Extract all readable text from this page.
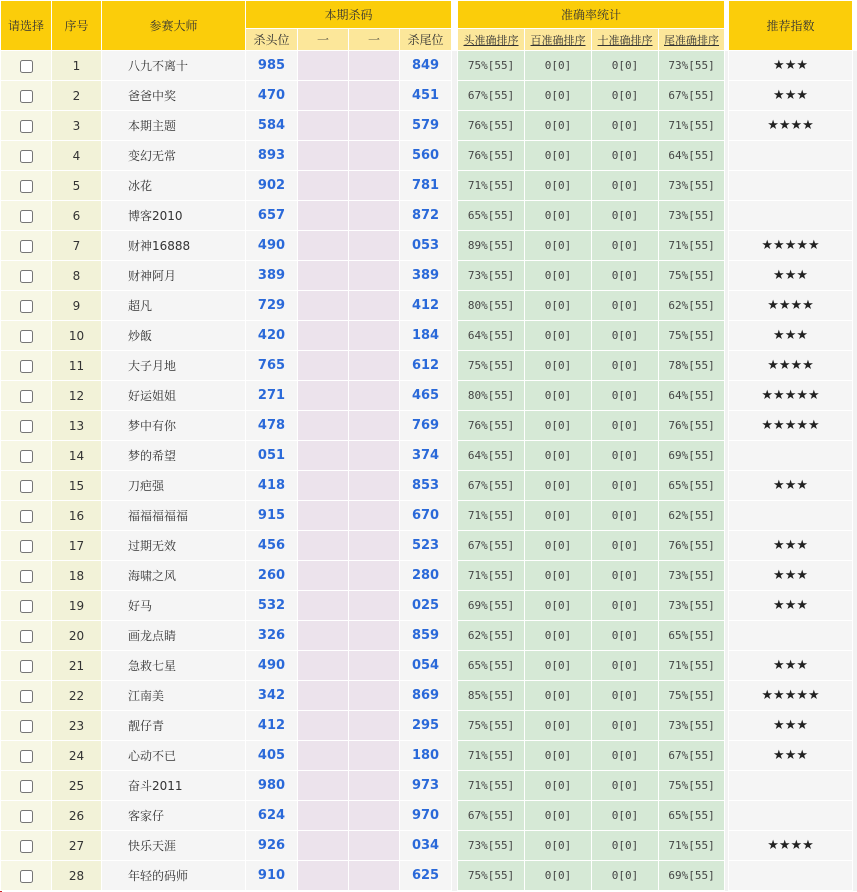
请选择	序号	参赛大师	本期杀码					准确率统计					推荐指数	
			杀头位	一	一	杀尾位		头准确排序	百准确排序	十准确排序	尾准确排序			
	1	八九不离十	985			849		75%[55]	0[0]	0[0]	73%[55]		★★★	
	2	爸爸中奖	470			451		67%[55]	0[0]	0[0]	67%[55]		★★★	
	3	本期主题	584			579		76%[55]	0[0]	0[0]	71%[55]		★★★★	
	4	变幻无常	893			560		76%[55]	0[0]	0[0]	64%[55]			
	5	冰花	902			781		71%[55]	0[0]	0[0]	73%[55]			
	6	博客2010	657			872		65%[55]	0[0]	0[0]	73%[55]			
	7	财神16888	490			053		89%[55]	0[0]	0[0]	71%[55]		★★★★★	
	8	财神阿月	389			389		73%[55]	0[0]	0[0]	75%[55]		★★★	
	9	超凡	729			412		80%[55]	0[0]	0[0]	62%[55]		★★★★	
	10	炒飯	420			184		64%[55]	0[0]	0[0]	75%[55]		★★★	
	11	大子月地	765			612		75%[55]	0[0]	0[0]	78%[55]		★★★★	
	12	好运姐姐	271			465		80%[55]	0[0]	0[0]	64%[55]		★★★★★	
	13	梦中有你	478			769		76%[55]	0[0]	0[0]	76%[55]		★★★★★	
	14	梦的希望	051			374		64%[55]	0[0]	0[0]	69%[55]			
	15	刀疤强	418			853		67%[55]	0[0]	0[0]	65%[55]		★★★	
	16	福福福福福	915			670		71%[55]	0[0]	0[0]	62%[55]			
	17	过期无效	456			523		67%[55]	0[0]	0[0]	76%[55]		★★★	
	18	海啸之风	260			280		71%[55]	0[0]	0[0]	73%[55]		★★★	
	19	好马	532			025		69%[55]	0[0]	0[0]	73%[55]		★★★	
	20	画龙点睛	326			859		62%[55]	0[0]	0[0]	65%[55]			
	21	急救七星	490			054		65%[55]	0[0]	0[0]	71%[55]		★★★	
	22	江南美	342			869		85%[55]	0[0]	0[0]	75%[55]		★★★★★	
	23	靓仔青	412			295		75%[55]	0[0]	0[0]	73%[55]		★★★	
	24	心动不已	405			180		71%[55]	0[0]	0[0]	67%[55]		★★★	
	25	奋斗2011	980			973		71%[55]	0[0]	0[0]	75%[55]			
	26	客家仔	624			970		67%[55]	0[0]	0[0]	65%[55]			
	27	快乐天涯	926			034		73%[55]	0[0]	0[0]	71%[55]		★★★★	
	28	年轻的码师	910			625		75%[55]	0[0]	0[0]	69%[55]			
